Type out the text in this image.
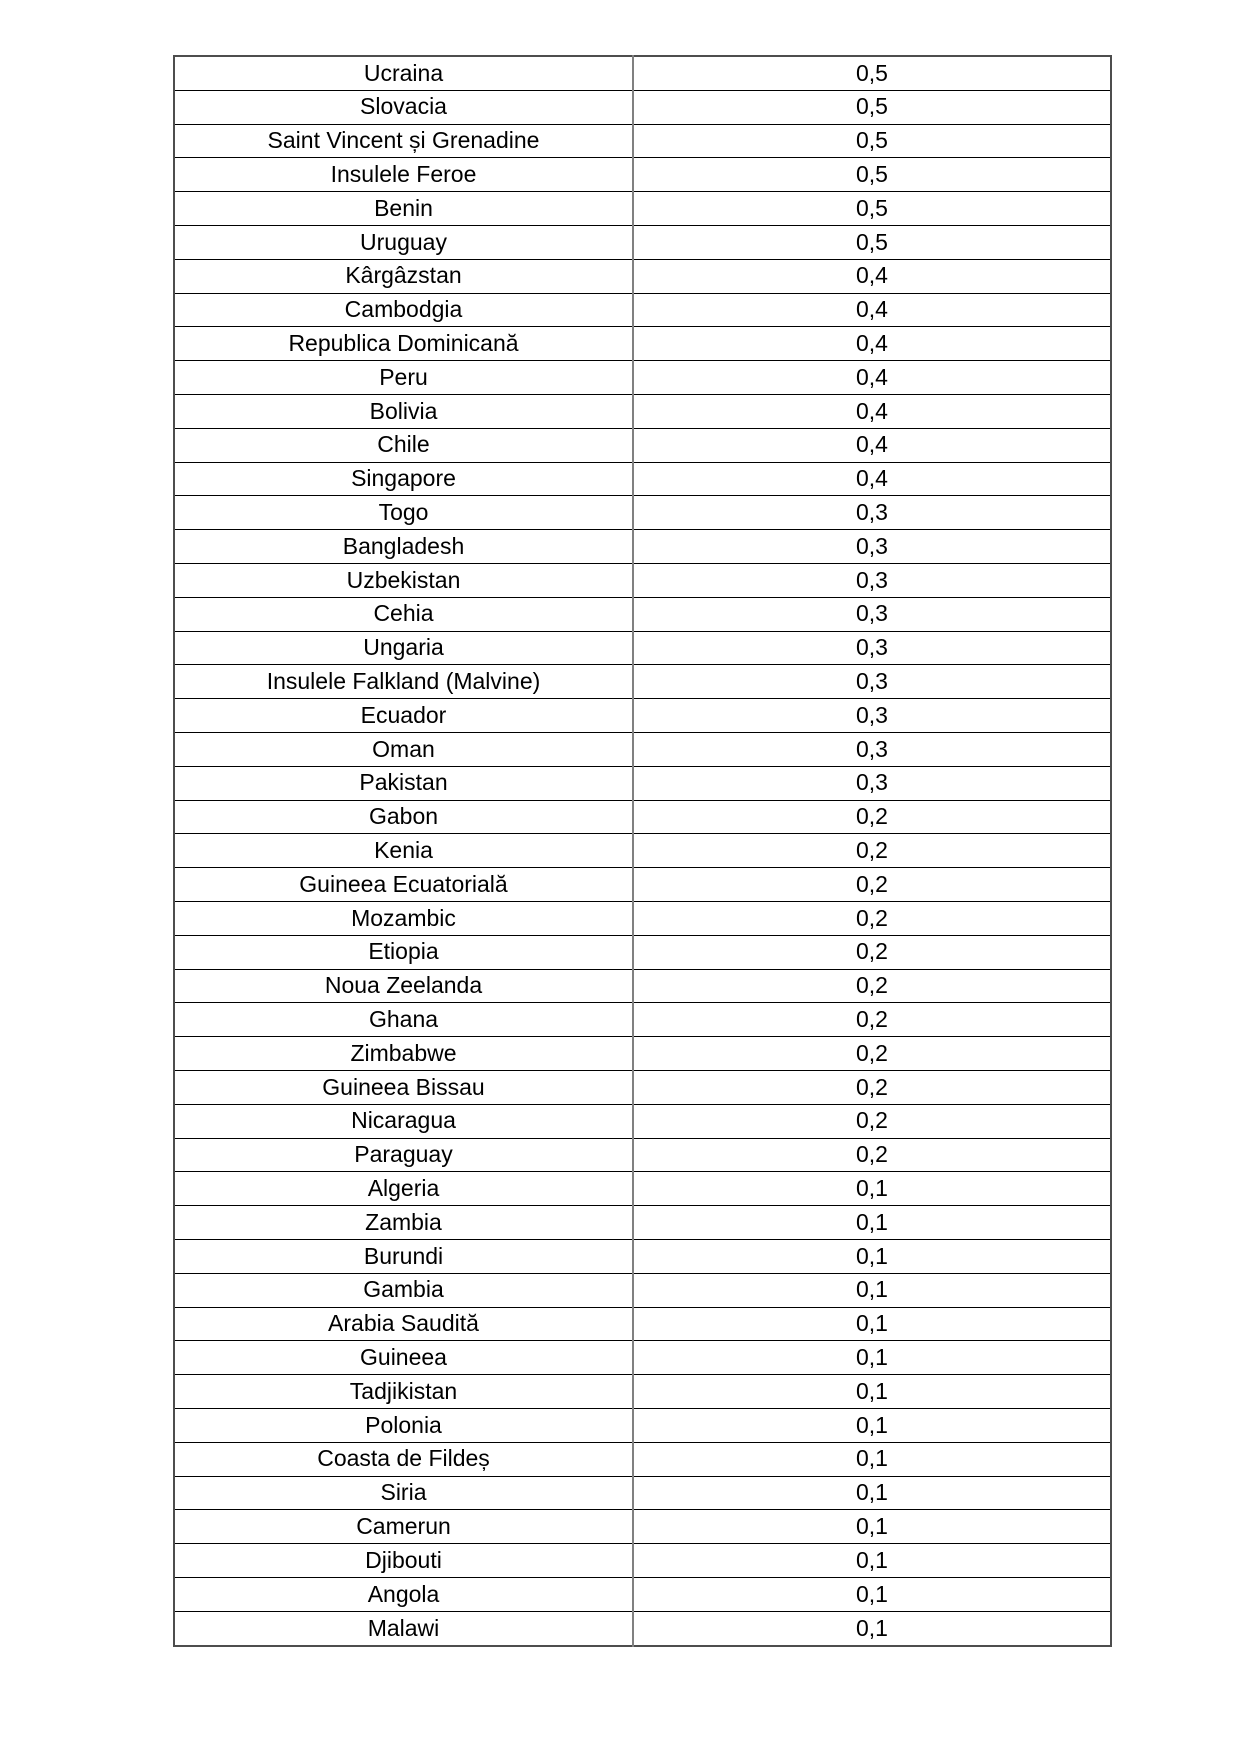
Ucraina	0,5
Slovacia	0,5
Saint Vincent și Grenadine	0,5
Insulele Feroe	0,5
Benin	0,5
Uruguay	0,5
Kârgâzstan	0,4
Cambodgia	0,4
Republica Dominicană	0,4
Peru	0,4
Bolivia	0,4
Chile	0,4
Singapore	0,4
Togo	0,3
Bangladesh	0,3
Uzbekistan	0,3
Cehia	0,3
Ungaria	0,3
Insulele Falkland (Malvine)	0,3
Ecuador	0,3
Oman	0,3
Pakistan	0,3
Gabon	0,2
Kenia	0,2
Guineea Ecuatorială	0,2
Mozambic	0,2
Etiopia	0,2
Noua Zeelanda	0,2
Ghana	0,2
Zimbabwe	0,2
Guineea Bissau	0,2
Nicaragua	0,2
Paraguay	0,2
Algeria	0,1
Zambia	0,1
Burundi	0,1
Gambia	0,1
Arabia Saudită	0,1
Guineea	0,1
Tadjikistan	0,1
Polonia	0,1
Coasta de Fildeș	0,1
Siria	0,1
Camerun	0,1
Djibouti	0,1
Angola	0,1
Malawi	0,1
